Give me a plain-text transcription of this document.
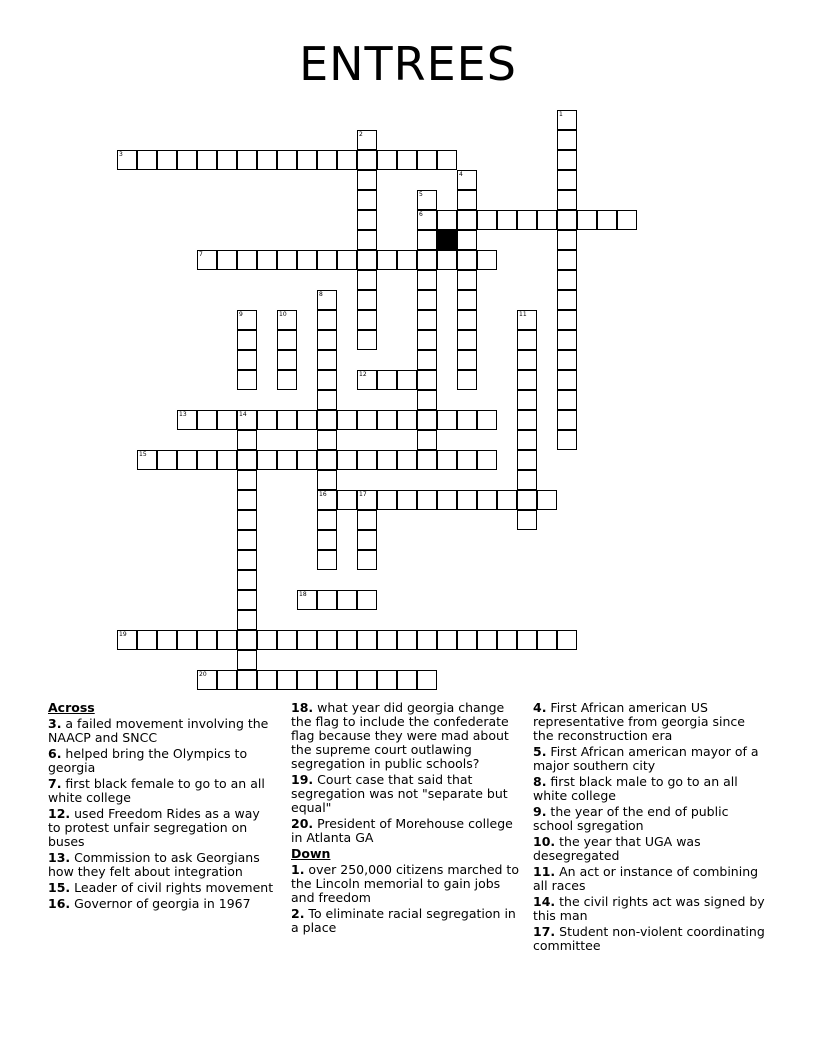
ENTREES
3
6
7
12
13	14
15
16	17
18
19
20
1
2
4
5
8
9	10	11
Across
3. a failed movement involving the NAACP and SNCC
6. helped bring the Olympics to georgia
7. first black female to go to an all white college
12. used Freedom Rides as a way to protest unfair segregation on buses
13. Commission to ask Georgians how they felt about integration
15. Leader of civil rights movement
16. Governor of georgia in 1967
18. what year did georgia change the flag to include the confederate flag because they were mad about the supreme court outlawing segregation in public schools?
19. Court case that said that segregation was not "separate but equal"
20. President of Morehouse college in Atlanta GA
Down
1. over 250,000 citizens marched to the Lincoln memorial to gain jobs and freedom
2. To eliminate racial segregation in a place
4. First African american US representative from georgia since the reconstruction era
5. First African american mayor of a major southern city
8. first black male to go to an all white college
9. the year of the end of public school sgregation
10. the year that UGA was desegregated
11. An act or instance of combining all races
14. the civil rights act was signed by this man
17. Student non-violent coordinating committee
